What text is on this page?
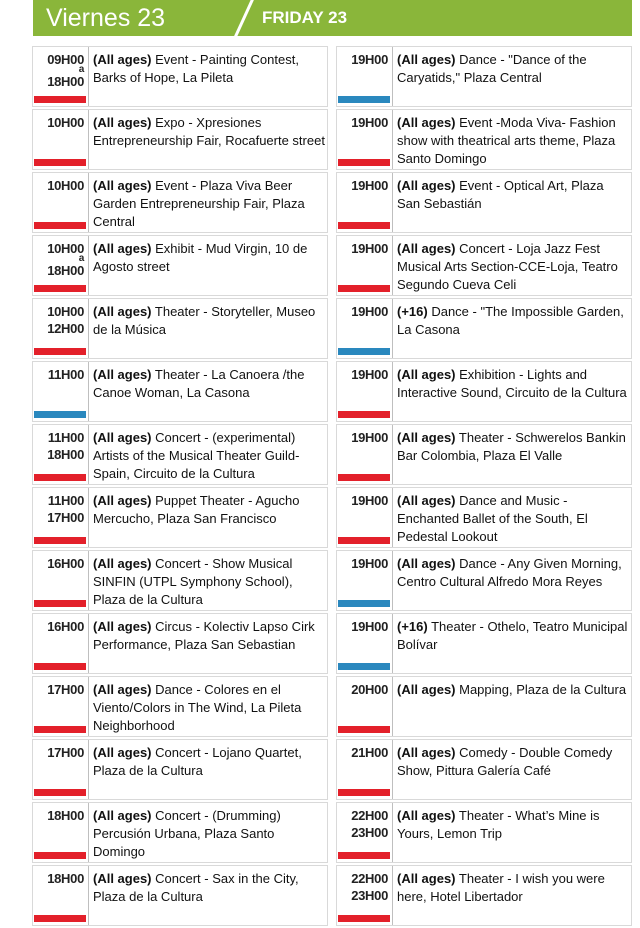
Viernes 23	FRIDAY 23
09H00
a
18H00
(All ages) Event - Painting Contest, Barks of Hope, La Pileta
19H00 (All ages) Dance - "Dance of the Caryatids," Plaza Central
10H00 (All ages) Expo - Xpresiones Entrepreneurship Fair, Rocafuerte street
19H00 (All ages) Event -Moda Viva- Fashion show with theatrical arts theme, Plaza Santo Domingo
10H00 (All ages) Event - Plaza Viva Beer Garden Entrepreneurship Fair, Plaza Central
19H00 (All ages) Event - Optical Art, Plaza San Sebastián
10H00
a
18H00
(All ages) Exhibit - Mud Virgin, 10 de Agosto street
19H00 (All ages) Concert - Loja Jazz Fest Musical Arts Section-CCE-Loja, Teatro Segundo Cueva Celi
10H00
12H00
(All ages) Theater - Storyteller, Museo de la Música
19H00 (+16) Dance - "The Impossible Garden, La Casona
11H00 (All ages) Theater - La Canoera /the Canoe Woman, La Casona
19H00 (All ages) Exhibition - Lights and Interactive Sound, Circuito de la Cultura
11H00
18H00
(All ages) Concert - (experimental) Artists of the Musical Theater Guild-Spain, Circuito de la Cultura
19H00 (All ages) Theater - Schwerelos Bankin Bar Colombia, Plaza El Valle
11H00
17H00
(All ages) Puppet Theater - Agucho Mercucho, Plaza San Francisco
19H00 (All ages) Dance and Music - Enchanted Ballet of the South, El Pedestal Lookout
16H00 (All ages) Concert - Show Musical SINFIN (UTPL Symphony School), Plaza de la Cultura
19H00 (All ages) Dance - Any Given Morning, Centro Cultural Alfredo Mora Reyes
16H00 (All ages) Circus - Kolectiv Lapso Cirk Performance, Plaza San Sebastian
19H00 (+16) Theater - Othelo, Teatro Municipal Bolívar
17H00 (All ages) Dance - Colores en el Viento/Colors in The Wind, La Pileta Neighborhood
20H00 (All ages) Mapping, Plaza de la Cultura
17H00 (All ages) Concert - Lojano Quartet, Plaza de la Cultura
21H00 (All ages) Comedy - Double Comedy Show, Pittura Galería Café
18H00 (All ages) Concert - (Drumming) Percusión Urbana, Plaza Santo Domingo
22H00
23H00
(All ages) Theater - What’s Mine is Yours, Lemon Trip
18H00 (All ages) Concert - Sax in the City, Plaza de la Cultura
22H00
23H00
(All ages) Theater - I wish you were here, Hotel Libertador
